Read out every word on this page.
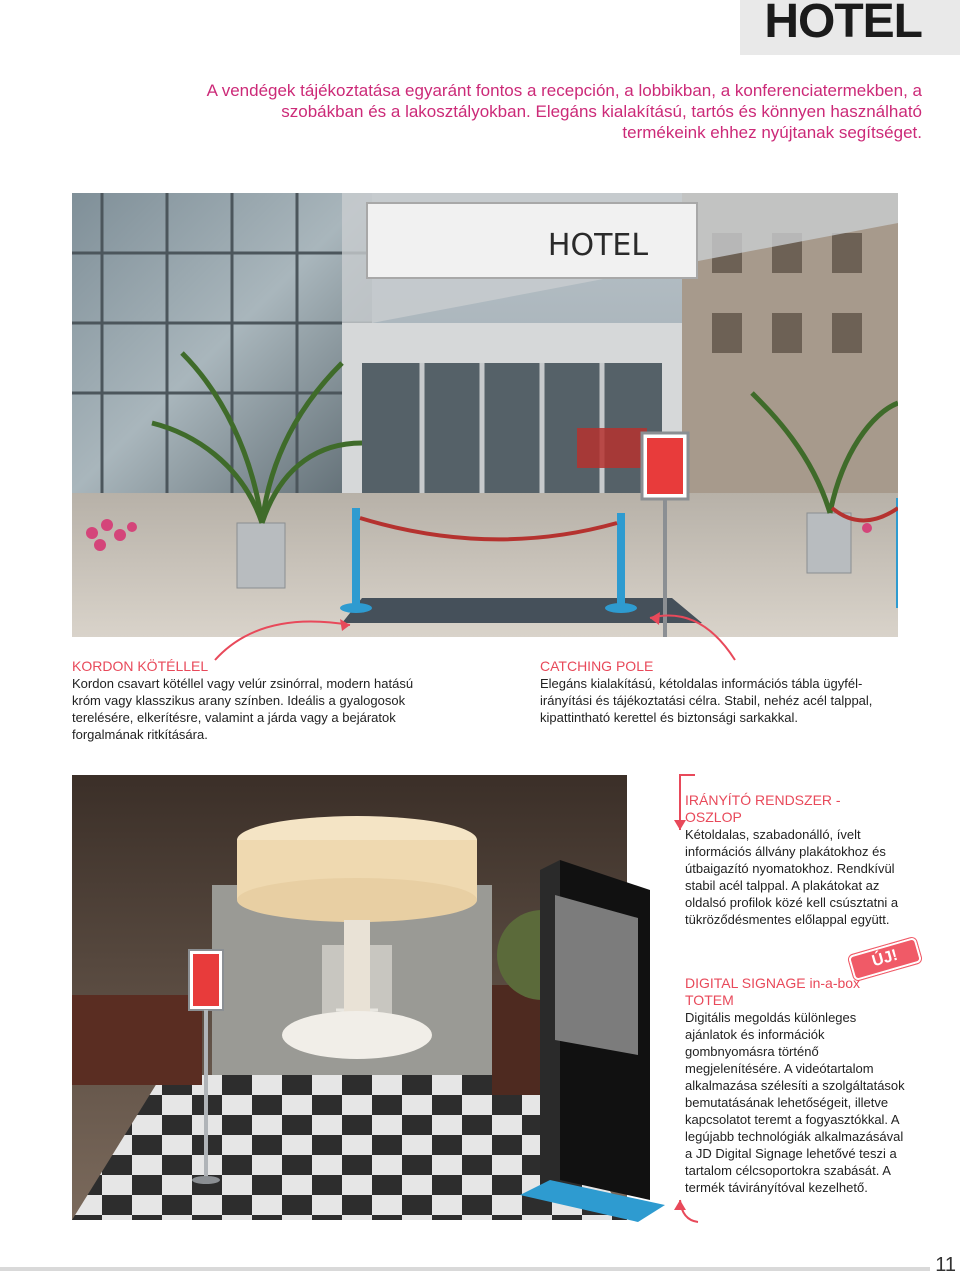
HOTEL

A vendégek tájékoztatása egyaránt fontos a recepción, a lobbikban, a konferenciatermekben, a szobákban és a lakosztályokban. Elegáns kialakítású, tartós és könnyen használható termékeink ehhez nyújtanak segítséget.

HOTEL

KORDON KÖTÉLLEL

Kordon csavart kötéllel vagy velúr zsinórral, modern hatású króm vagy klasszikus arany színben. Ideális a gyalogosok terelésére, elkerítésre, valamint a járda vagy a bejáratok forgalmának ritkítására.

CATCHING POLE

Elegáns kialakítású, kétoldalas információs tábla ügyfél-irányítási és tájékoztatási célra. Stabil, nehéz acél talppal, kipattintható kerettel és biztonsági sarkakkal.

IRÁNYÍTÓ RENDSZER - OSZLOP

Kétoldalas, szabadonálló, ívelt információs állvány plakátokhoz és útbaigazító nyomatokhoz. Rendkívül stabil acél talppal. A plakátokat az oldalsó profilok közé kell csúsztatni a tükröződésmentes előlappal együtt.

ÚJ!

DIGITAL SIGNAGE in-a-box
TOTEM

Digitális megoldás különleges ajánlatok és információk gombnyomásra történő megjelenítésére. A videótartalom alkalmazása szélesíti a szolgáltatások bemutatásának lehetőségeit, illetve kapcsolatot teremt a fogyasztókkal. A legújabb technológiák alkalmazásával a JD Digital Signage lehetővé teszi a tartalom célcsoportokra szabását. A termék távirányítóval kezelhető.

11
